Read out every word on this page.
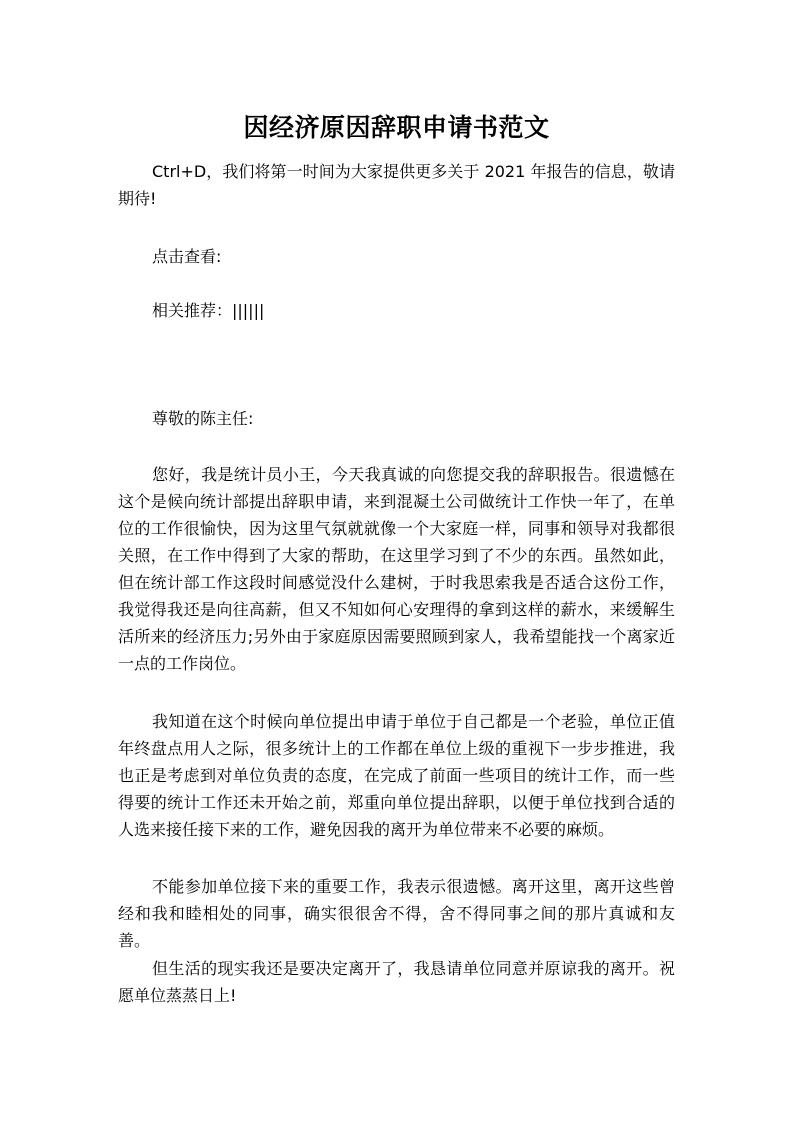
因经济原因辞职申请书范文

Ctrl+D，我们将第一时间为大家提供更多关于 2021 年报告的信息，敬请期待!

点击查看:

相关推荐：||||||

尊敬的陈主任:

您好，我是统计员小王，今天我真诚的向您提交我的辞职报告。很遗憾在这个是候向统计部提出辞职申请，来到混凝土公司做统计工作快一年了，在单位的工作很愉快，因为这里气氛就就像一个大家庭一样，同事和领导对我都很关照，在工作中得到了大家的帮助，在这里学习到了不少的东西。虽然如此，但在统计部工作这段时间感觉没什么建树，于时我思索我是否适合这份工作，我觉得我还是向往高薪，但又不知如何心安理得的拿到这样的薪水，来缓解生活所来的经济压力;另外由于家庭原因需要照顾到家人，我希望能找一个离家近一点的工作岗位。

我知道在这个时候向单位提出申请于单位于自己都是一个老验，单位正值年终盘点用人之际，很多统计上的工作都在单位上级的重视下一步步推进，我也正是考虑到对单位负责的态度，在完成了前面一些项目的统计工作，而一些得要的统计工作还未开始之前，郑重向单位提出辞职，以便于单位找到合适的人选来接任接下来的工作，避免因我的离开为单位带来不必要的麻烦。

不能参加单位接下来的重要工作，我表示很遗憾。离开这里，离开这些曾经和我和睦相处的同事，确实很很舍不得，舍不得同事之间的那片真诚和友善。

但生活的现实我还是要决定离开了，我恳请单位同意并原谅我的离开。祝愿单位蒸蒸日上!
